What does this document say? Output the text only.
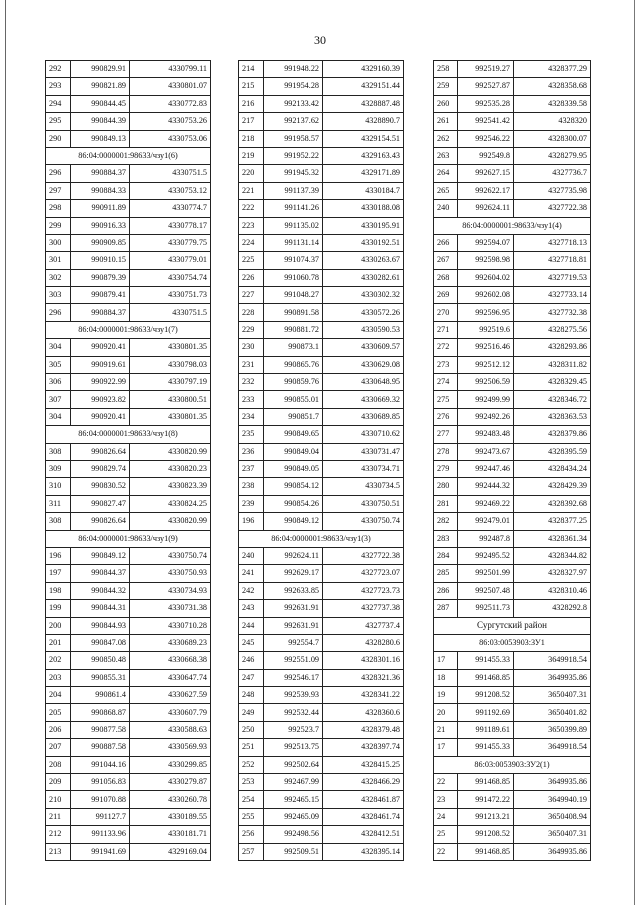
30
292	990829.91	4330799.11
293	990821.89	4330801.07
294	990844.45	4330772.83
295	990844.39	4330753.26
290	990849.13	4330753.06
86:04:0000001:98633/чзу1(6)		
296	990884.37	4330751.5
297	990884.33	4330753.12
298	990911.89	4330774.7
299	990916.33	4330778.17
300	990909.85	4330779.75
301	990910.15	4330779.01
302	990879.39	4330754.74
303	990879.41	4330751.73
296	990884.37	4330751.5
86:04:0000001:98633/чзу1(7)		
304	990920.41	4330801.35
305	990919.61	4330798.03
306	990922.99	4330797.19
307	990923.82	4330800.51
304	990920.41	4330801.35
86:04:0000001:98633/чзу1(8)		
308	990826.64	4330820.99
309	990829.74	4330820.23
310	990830.52	4330823.39
311	990827.47	4330824.25
308	990826.64	4330820.99
86:04:0000001:98633/чзу1(9)		
196	990849.12	4330750.74
197	990844.37	4330750.93
198	990844.32	4330734.93
199	990844.31	4330731.38
200	990844.93	4330710.28
201	990847.08	4330689.23
202	990850.48	4330668.38
203	990855.31	4330647.74
204	990861.4	4330627.59
205	990868.87	4330607.79
206	990877.58	4330588.63
207	990887.58	4330569.93
208	991044.16	4330299.85
209	991056.83	4330279.87
210	991070.88	4330260.78
211	991127.7	4330189.55
212	991133.96	4330181.71
213	991941.69	4329169.04
214	991948.22	4329160.39
215	991954.28	4329151.44
216	992133.42	4328887.48
217	992137.62	4328890.7
218	991958.57	4329154.51
219	991952.22	4329163.43
220	991945.32	4329171.89
221	991137.39	4330184.7
222	991141.26	4330188.08
223	991135.02	4330195.91
224	991131.14	4330192.51
225	991074.37	4330263.67
226	991060.78	4330282.61
227	991048.27	4330302.32
228	990891.58	4330572.26
229	990881.72	4330590.53
230	990873.1	4330609.57
231	990865.76	4330629.08
232	990859.76	4330648.95
233	990855.01	4330669.32
234	990851.7	4330689.85
235	990849.65	4330710.62
236	990849.04	4330731.47
237	990849.05	4330734.71
238	990854.12	4330734.5
239	990854.26	4330750.51
196	990849.12	4330750.74
86:04:0000001:98633/чзу1(3)		
240	992624.11	4327722.38
241	992629.17	4327723.07
242	992633.85	4327723.73
243	992631.91	4327737.38
244	992631.91	4327737.4
245	992554.7	4328280.6
246	992551.09	4328301.16
247	992546.17	4328321.36
248	992539.93	4328341.22
249	992532.44	4328360.6
250	992523.7	4328379.48
251	992513.75	4328397.74
252	992502.64	4328415.25
253	992467.99	4328466.29
254	992465.15	4328461.87
255	992465.09	4328461.74
256	992498.56	4328412.51
257	992509.51	4328395.14
258	992519.27	4328377.29
259	992527.87	4328358.68
260	992535.28	4328339.58
261	992541.42	4328320
262	992546.22	4328300.07
263	992549.8	4328279.95
264	992627.15	4327736.7
265	992622.17	4327735.98
240	992624.11	4327722.38
86:04:0000001:98633/чзу1(4)		
266	992594.07	4327718.13
267	992598.98	4327718.81
268	992604.02	4327719.53
269	992602.08	4327733.14
270	992596.95	4327732.38
271	992519.6	4328275.56
272	992516.46	4328293.86
273	992512.12	4328311.82
274	992506.59	4328329.45
275	992499.99	4328346.72
276	992492.26	4328363.53
277	992483.48	4328379.86
278	992473.67	4328395.59
279	992447.46	4328434.24
280	992444.32	4328429.39
281	992469.22	4328392.68
282	992479.01	4328377.25
283	992487.8	4328361.34
284	992495.52	4328344.82
285	992501.99	4328327.97
286	992507.48	4328310.46
287	992511.73	4328292.8
Сургутский район		
86:03:0053903:ЗУ1		
17	991455.33	3649918.54
18	991468.85	3649935.86
19	991208.52	3650407.31
20	991192.69	3650401.82
21	991189.61	3650399.89
17	991455.33	3649918.54
86:03:0053903:ЗУ2(1)		
22	991468.85	3649935.86
23	991472.22	3649940.19
24	991213.21	3650408.94
25	991208.52	3650407.31
22	991468.85	3649935.86
